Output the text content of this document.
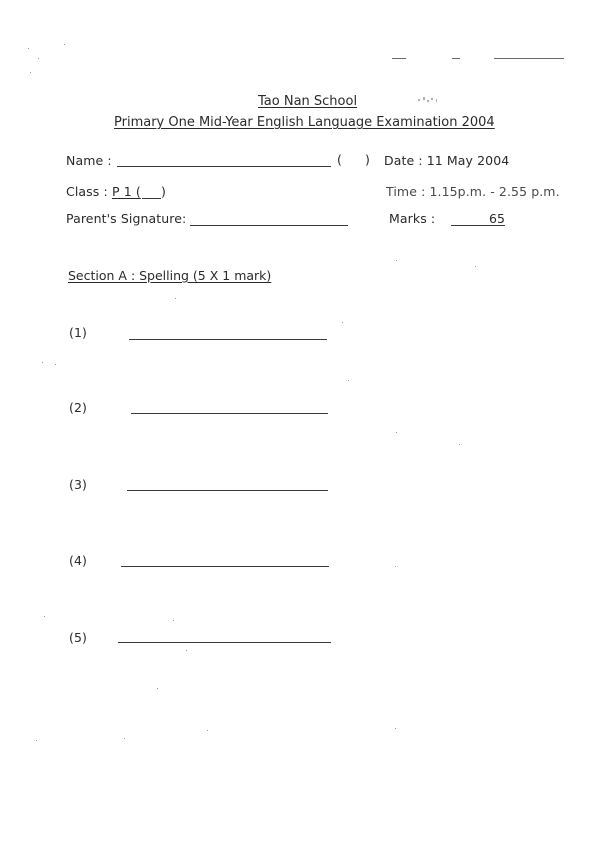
Tao Nan School
Primary One Mid-Year English Language Examination 2004
Name :	( ) Date : 11 May 2004
Class : P 1 ( )	Time : 1.15p.m. - 2.55 p.m.
Parent's Signature:	Marks :	65
Section A : Spelling (5 X 1 mark)
(1)
(2)
(3)
(4)
(5)
